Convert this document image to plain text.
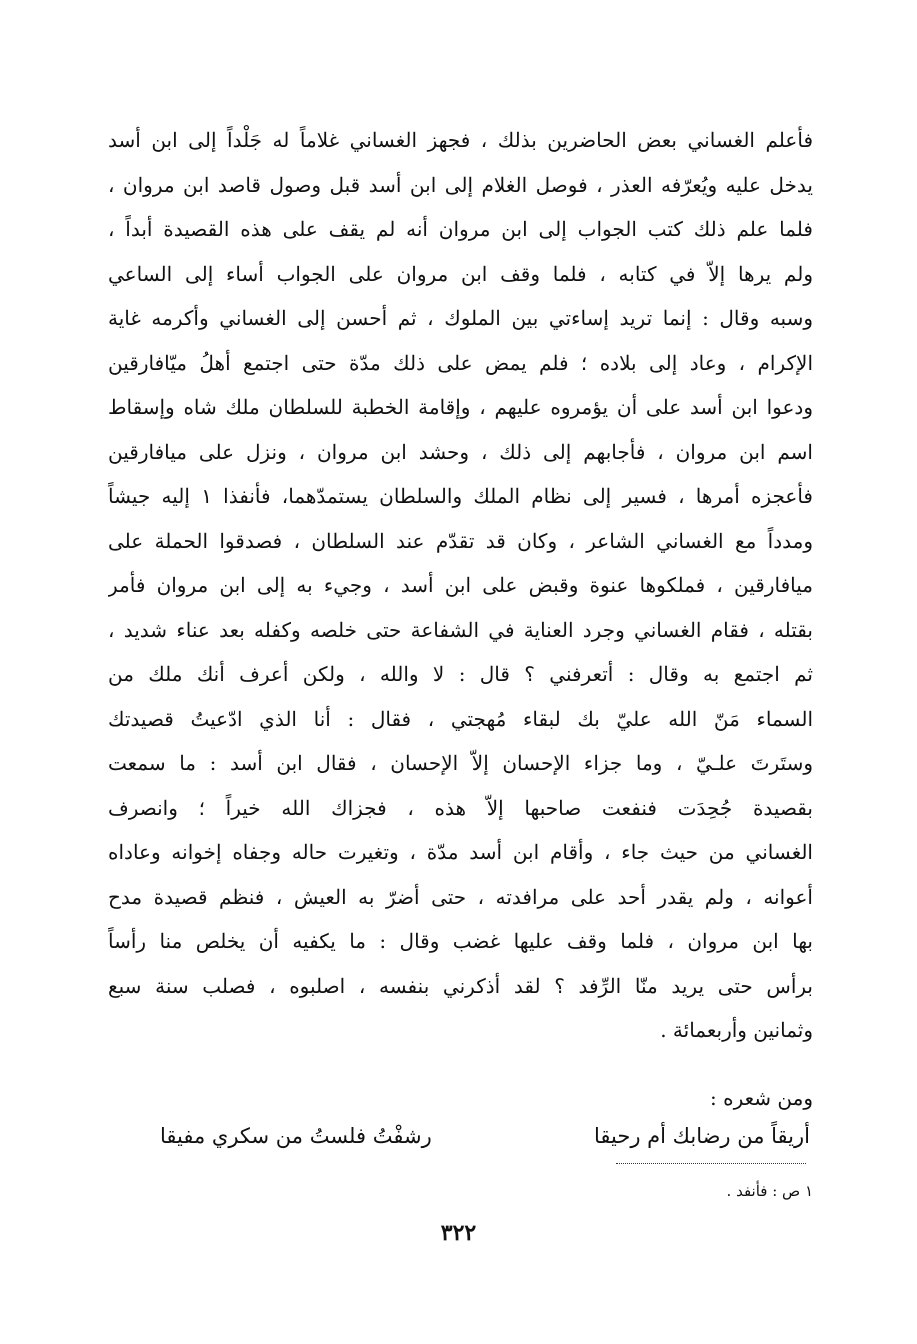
فأعلم الغساني بعض الحاضرين بذلك ، فجهز الغساني غلاماً له جَلْداً إلى ابن أسد
يدخل عليه ويُعرّفه العذر ، فوصل الغلام إلى ابن أسد قبل وصول قاصد ابن مروان ،
فلما علم ذلك كتب الجواب إلى ابن مروان أنه لم يقف على هذه القصيدة أبداً ،
ولم يرها إلاّ في كتابه ، فلما وقف ابن مروان على الجواب أساء إلى الساعي
وسبه وقال : إنما تريد إساءتي بين الملوك ، ثم أحسن إلى الغساني وأكرمه غاية
الإكرام ، وعاد إلى بلاده ؛ فلم يمض على ذلك مدّة حتى اجتمع أهلُ ميّافارقين
ودعوا ابن أسد على أن يؤمروه عليهم ، وإقامة الخطبة للسلطان ملك شاه وإسقاط
اسم ابن مروان ، فأجابهم إلى ذلك ، وحشد ابن مروان ، ونزل على ميافارقين
فأعجزه أمرها ، فسير إلى نظام الملك والسلطان يستمدّهما، فأنفذا ١ إليه جيشاً
ومدداً مع الغساني الشاعر ، وكان قد تقدّم عند السلطان ، فصدقوا الحملة على
ميافارقين ، فملكوها عنوة وقبض على ابن أسد ، وجيء به إلى ابن مروان فأمر
بقتله ، فقام الغساني وجرد العناية في الشفاعة حتى خلصه وكفله بعد عناء شديد ،
ثم اجتمع به وقال : أتعرفني ؟ قال : لا والله ، ولكن أعرف أنك ملك من
السماء مَنّ الله عليّ بك لبقاء مُهجتي ، فقال : أنا الذي ادّعيتُ قصيدتك
وستَرتَ علـيّ ، وما جزاء الإحسان إلاّ الإحسان ، فقال ابن أسد : ما سمعت
بقصيدة جُحِدَت فنفعت صاحبها إلاّ هذه ، فجزاك الله خيراً ؛ وانصرف
الغساني من حيث جاء ، وأقام ابن أسد مدّة ، وتغيرت حاله وجفاه إخوانه وعاداه
أعوانه ، ولم يقدر أحد على مرافدته ، حتى أضرّ به العيش ، فنظم قصيدة مدح
بها ابن مروان ، فلما وقف عليها غضب وقال : ما يكفيه أن يخلص منا رأساً
برأس حتى يريد منّا الرِّفد ؟ لقد أذكرني بنفسه ، اصلبوه ، فصلب سنة سبع
وثمانين وأربعمائة .
ومن شعره :
أريقاً من رضابك أم رحيقا
رشفْتُ فلستُ من سكري مفيقا
١ ص : فأنفد .
٣٢٢
